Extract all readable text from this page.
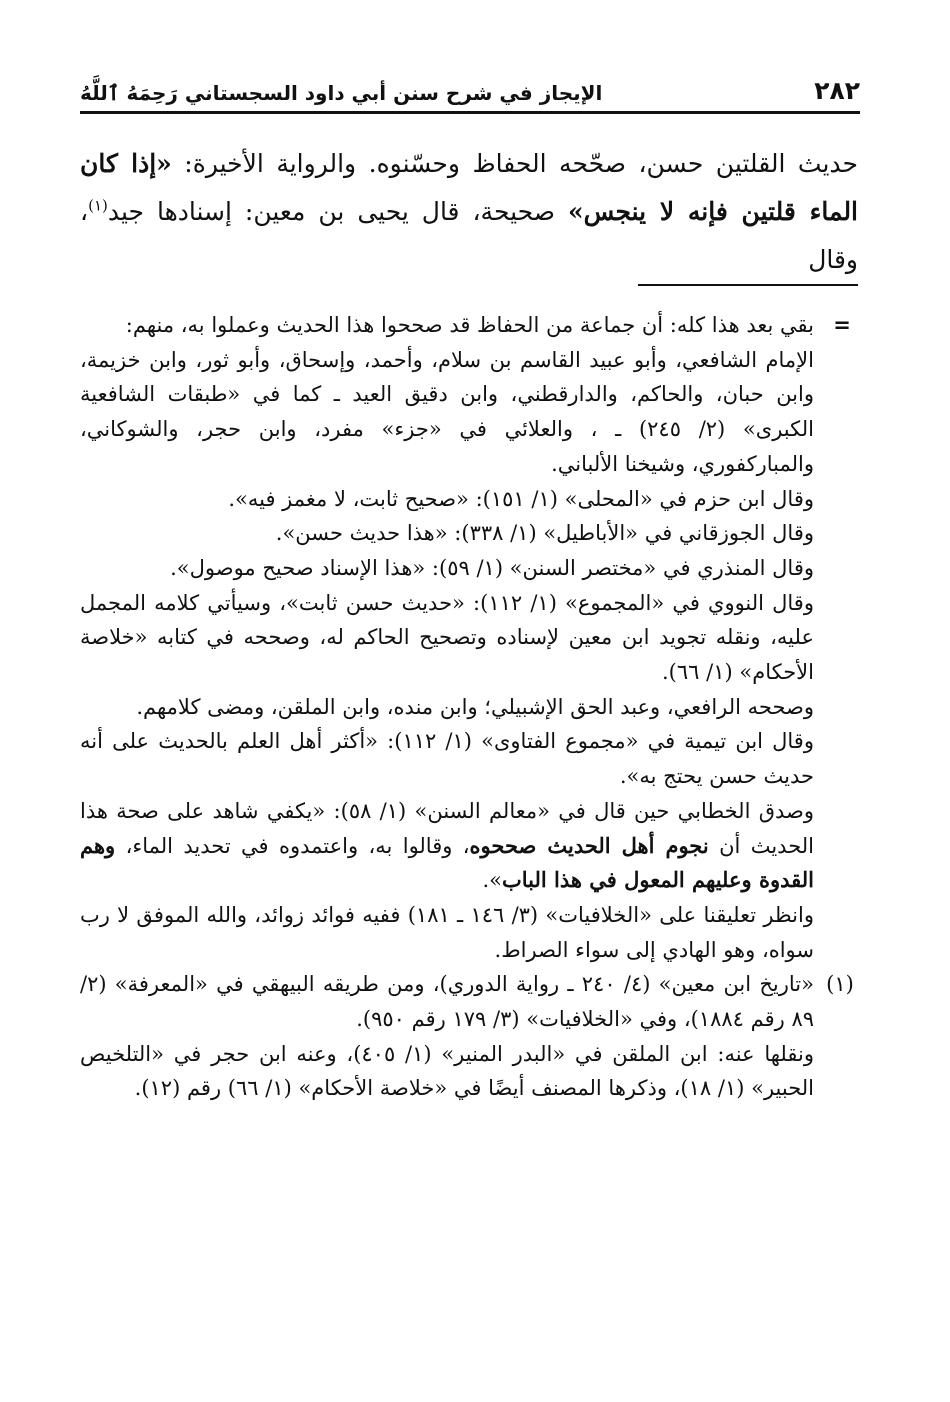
٢٨٢
الإيجاز في شرح سنن أبي داود السجستاني رَحِمَهُ ٱللَّهُ

حديث القلتين حسن، صحّحه الحفاظ وحسّنوه. والرواية الأخيرة: «إذا كان الماء قلتين فإنه لا ينجس» صحيحة، قال يحيى بن معين: إسنادها جيد$^{(١)}$، وقال

=

بقي بعد هذا كله: أن جماعة من الحفاظ قد صححوا هذا الحديث وعملوا به، منهم:

الإمام الشافعي، وأبو عبيد القاسم بن سلام، وأحمد، وإسحاق، وأبو ثور، وابن خزيمة، وابن حبان، والحاكم، والدارقطني، وابن دقيق العيد ـ كما في «طبقات الشافعية الكبرى» (٢/ ٢٤٥) ـ ، والعلائي في «جزء» مفرد، وابن حجر، والشوكاني، والمباركفوري، وشيخنا الألباني.

وقال ابن حزم في «المحلى» (١/ ١٥١): «صحيح ثابت، لا مغمز فيه».

وقال الجوزقاني في «الأباطيل» (١/ ٣٣٨): «هذا حديث حسن».

وقال المنذري في «مختصر السنن» (١/ ٥٩): «هذا الإسناد صحيح موصول».

وقال النووي في «المجموع» (١/ ١١٢): «حديث حسن ثابت»، وسيأتي كلامه المجمل عليه، ونقله تجويد ابن معين لإسناده وتصحيح الحاكم له، وصححه في كتابه «خلاصة الأحكام» (١/ ٦٦).

وصححه الرافعي، وعبد الحق الإشبيلي؛ وابن منده، وابن الملقن، ومضى كلامهم.

وقال ابن تيمية في «مجموع الفتاوى» (١/ ١١٢): «أكثر أهل العلم بالحديث على أنه حديث حسن يحتج به».

وصدق الخطابي حين قال في «معالم السنن» (١/ ٥٨): «يكفي شاهد على صحة هذا الحديث أن نجوم أهل الحديث صححوه، وقالوا به، واعتمدوه في تحديد الماء، وهم القدوة وعليهم المعول في هذا الباب».

وانظر تعليقنا على «الخلافيات» (٣/ ١٤٦ ـ ١٨١) ففيه فوائد زوائد، والله الموفق لا رب سواه، وهو الهادي إلى سواء الصراط.

(١)

«تاريخ ابن معين» (٤/ ٢٤٠ ـ رواية الدوري)، ومن طريقه البيهقي في «المعرفة» (٢/ ٨٩ رقم ١٨٨٤)، وفي «الخلافيات» (٣/ ١٧٩ رقم ٩٥٠).

ونقلها عنه: ابن الملقن في «البدر المنير» (١/ ٤٠٥)، وعنه ابن حجر في «التلخيص الحبير» (١/ ١٨)، وذكرها المصنف أيضًا في «خلاصة الأحكام» (١/ ٦٦) رقم (١٢).
